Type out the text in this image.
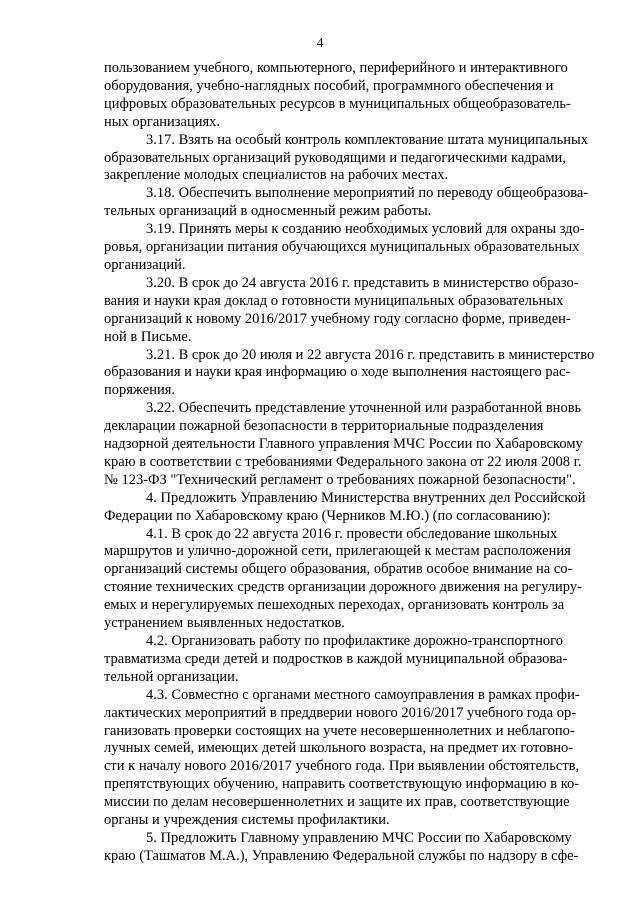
4
пользованием учебного, компьютерного, периферийного и интерактивного
оборудования, учебно-наглядных пособий, программного обеспечения и
цифровых образовательных ресурсов в муниципальных общеобразователь-
ных организациях.
3.17. Взять на особый контроль комплектование штата муниципальных
образовательных организаций руководящими и педагогическими кадрами,
закрепление молодых специалистов на рабочих местах.
3.18. Обеспечить выполнение мероприятий по переводу общеобразова-
тельных организаций в односменный режим работы.
3.19. Принять меры к созданию необходимых условий для охраны здо-
ровья, организации питания обучающихся муниципальных образовательных
организаций.
3.20. В срок до 24 августа 2016 г. представить в министерство образо-
вания и науки края доклад о готовности муниципальных образовательных
организаций к новому 2016/2017 учебному году согласно форме, приведен-
ной в Письме.
3.21. В срок до 20 июля и 22 августа 2016 г. представить в министерство
образования и науки края информацию о ходе выполнения настоящего рас-
поряжения.
3.22. Обеспечить представление уточненной или разработанной вновь
декларации пожарной безопасности в территориальные подразделения
надзорной деятельности Главного управления МЧС России по Хабаровскому
краю в соответствии с требованиями Федерального закона от 22 июля 2008 г.
№ 123-ФЗ "Технический регламент о требованиях пожарной безопасности".
4. Предложить Управлению Министерства внутренних дел Российской
Федерации по Хабаровскому краю (Черников М.Ю.) (по согласованию):
4.1. В срок до 22 августа 2016 г. провести обследование школьных
маршрутов и улично-дорожной сети, прилегающей к местам расположения
организаций системы общего образования, обратив особое внимание на со-
стояние технических средств организации дорожного движения на регулиру-
емых и нерегулируемых пешеходных переходах, организовать контроль за
устранением выявленных недостатков.
4.2. Организовать работу по профилактике дорожно-транспортного
травматизма среди детей и подростков в каждой муниципальной образова-
тельной организации.
4.3. Совместно с органами местного самоуправления в рамках профи-
лактических мероприятий в преддверии нового 2016/2017 учебного года ор-
ганизовать проверки состоящих на учете несовершеннолетних и неблагопо-
лучных семей, имеющих детей школьного возраста, на предмет их готовно-
сти к началу нового 2016/2017 учебного года. При выявлении обстоятельств,
препятствующих обучению, направить соответствующую информацию в ко-
миссии по делам несовершеннолетних и защите их прав, соответствующие
органы и учреждения системы профилактики.
5. Предложить Главному управлению МЧС России по Хабаровскому
краю (Ташматов М.А.), Управлению Федеральной службы по надзору в сфе-
